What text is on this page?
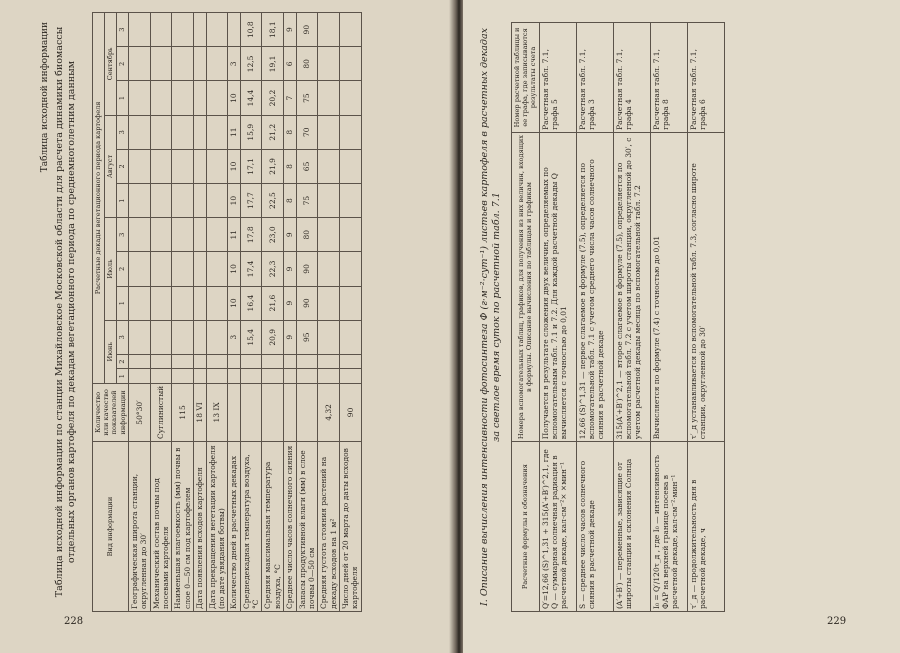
228
Таблица исходной информации Таблица исходной информации по станции Михайловское Московской области для расчета динамики биомассы отдельных органов картофеля по декадам вегетационного периода по среднемноголетним данным	Вид информации	Количество или качество показателей информации	Расчетные декады вегетационного периода картофеля											
		Июнь			Июль			Август			Сентябрь		
		1	2	3	1	2	3	1	2	3	1	2	3
Географическая широта станции, округленная до 30′	50°30′												
Механический состав почвы под посевами картофеля	Суглинистый												
Наименьшая влагоемкость (мм) почвы в слое 0—50 см под картофелем	115												
Дата появления всходов картофеля	18 VI												
Дата прекращения вегетации картофеля (по дате увядания ботвы)	13 IX												
Количество дней в расчетных декадах				3	10	10	11	10	10	11	10	3	
Среднедекадная температура воздуха, °С				15,4	16,4	17,4	17,8	17,7	17,1	15,9	14,4	12,5	10,8
Средняя максимальная температура воздуха, °С				20,9	21,6	22,3	23,0	22,5	21,9	21,2	20,2	19,1	18,1
Среднее число часов солнечного сияния				9	9	9	9	8	8	8	7	6	9
Запасы продуктивной влаги (мм) в слое почвы 0—50 см				95	90	90	80	75	65	70	75	80	90
Средняя густота стояния растений на декаду всходов на 1 м²	4,32												
Число дней от 20 марта до даты всходов картофеля	90												
229
I. Описание вычисления интенсивности фотосинтеза Φ (г·м⁻²·сут⁻¹) листьев картофеля в расчетных декадах за светлое время суток по расчетной табл. 7.1
Расчетные формулы и обозначения	Номера вспомогательных таблиц, графиков, для получения из них величин, входящих в формулы. Описание вычисления по таблицам и графикам	Номер расчетной таблицы и ее графа, где записываются результаты счета
Q′=12,66 (S)^1,31 + 315(A′+B′)^2,1, где Q — суммарная солнечная радиация в расчетной декаде, кал·см⁻²× ×мин⁻¹	Получается в результате сложения двух величин, определяемых по вспомогательным табл. 7.1 и 7.2. Для каждой расчетной декады Q вычисляется с точностью до 0,01	Расчетная табл. 7.1, графа 5
S — среднее число часов солнечного сияния в расчетной декаде	12,66 (S)^1,31 — первое слагаемое в формуле (7.5), определяется по вспомогательной табл. 7.1 с учетом среднего числа часов солнечного сияния в расчетной декаде	Расчетная табл. 7.1, графа 3
(A′+B′) — переменные, зависящие от широты станции и склонения Солнца	315(A′+B′)^2,1 — второе слагаемое в формуле (7.5), определяется по вспомогательной табл. 7.2 с учетом широты станции, округленной до 30′, с учетом расчетной декады месяца по вспомогательной табл. 7.2	Расчетная табл. 7.1, графа 4
I₀ = Q′/120τ_д , где I₀ — интенсивность ФАР на верхней границе посева в расчетной декаде, кал·см⁻²·мин⁻¹	Вычисляется по формуле (7.4) с точностью до 0,01	Расчетная табл. 7.1, графа 8
τ′_д — продолжительность дня в расчетной декаде, ч	τ′_д устанавливается по вспомогательной табл. 7.3, согласно широте станции, округленной до 30′	Расчетная табл. 7.1, графа 6
